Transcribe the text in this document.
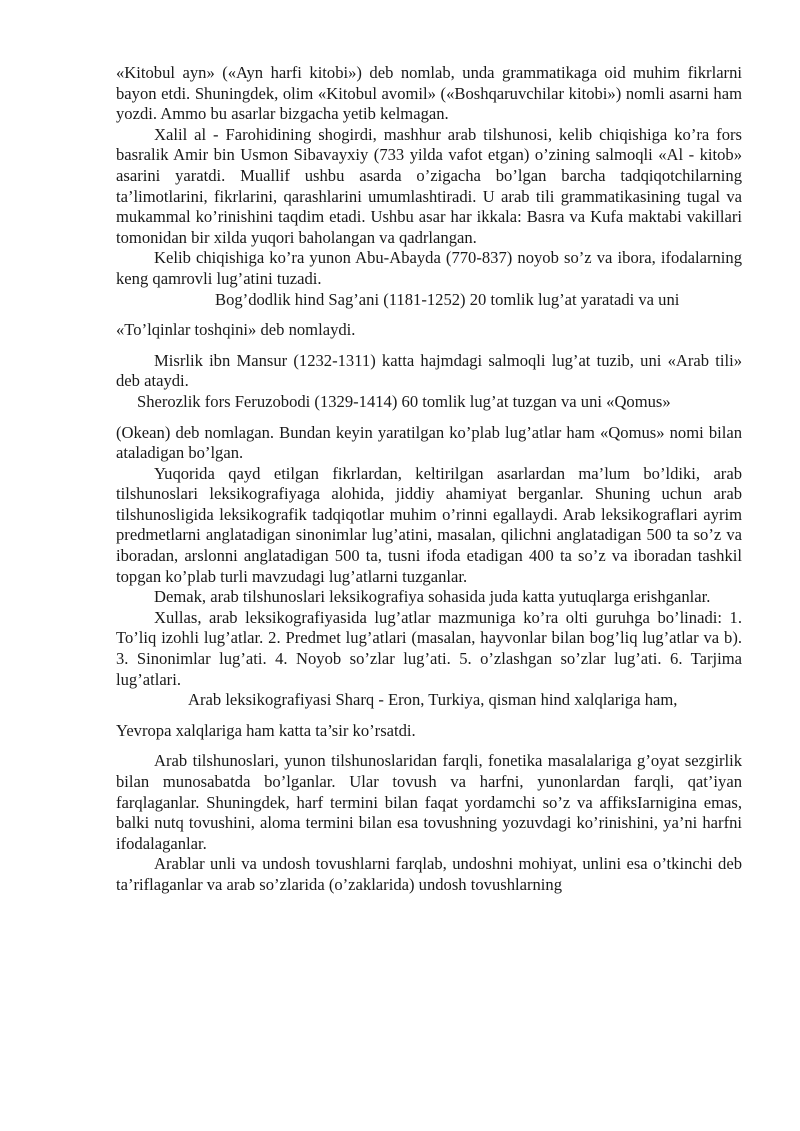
«Kitobul ayn» («Ayn harfi kitobi») deb nomlab, unda grammatikaga oid muhim fikrlarni bayon etdi. Shuningdek, olim «Kitobul avomil» («Boshqaruvchilar kitobi») nomli asarni ham yozdi. Ammo bu asarlar bizgacha yetib kelmagan.

Xalil al - Farohidining shogirdi, mashhur arab tilshunosi, kelib chiqishiga ko’ra fors basralik Amir bin Usmon Sibavayxiy (733 yilda vafot etgan) o’zining salmoqli «Al - kitob» asarini yaratdi. Muallif ushbu asarda o’zigacha bo’lgan barcha tadqiqotchilarning ta’limotlarini, fikrlarini, qarashlarini umumlashtiradi. U arab tili grammatikasining tugal va mukammal ko’rinishini taqdim etadi. Ushbu asar har ikkala: Basra va Kufa maktabi vakillari tomonidan bir xilda yuqori baholangan va qadrlangan.

Kelib chiqishiga ko’ra yunon Abu-Abayda (770-837) noyob so’z va ibora, ifodalarning keng qamrovli lug’atini tuzadi.

Bog’dodlik hind Sag’ani (1181-1252) 20 tomlik lug’at yaratadi va uni

«To’lqinlar toshqini» deb nomlaydi.

Misrlik ibn Mansur (1232-1311) katta hajmdagi salmoqli lug’at tuzib, uni «Arab tili» deb ataydi.

Sherozlik fors Feruzobodi (1329-1414) 60 tomlik lug’at tuzgan va uni «Qomus»

(Okean) deb nomlagan. Bundan keyin yaratilgan ko’plab lug’atlar ham «Qomus» nomi bilan ataladigan bo’lgan.

Yuqorida qayd etilgan fikrlardan, keltirilgan asarlardan ma’lum bo’ldiki, arab tilshunoslari leksikografiyaga alohida, jiddiy ahamiyat berganlar. Shuning uchun arab tilshunosligida leksikografik tadqiqotlar muhim o’rinni egallaydi. Arab leksikograflari ayrim predmetlarni anglatadigan sinonimlar lug’atini, masalan, qilichni anglatadigan 500 ta so’z va iboradan, arslonni anglatadigan 500 ta, tusni ifoda etadigan 400 ta so’z va iboradan tashkil topgan ko’plab turli mavzudagi lug’atlarni tuzganlar.

Demak, arab tilshunoslari leksikografiya sohasida juda katta yutuqlarga erishganlar.

Xullas, arab leksikografiyasida lug’atlar mazmuniga ko’ra olti guruhga bo’linadi: 1. To’liq izohli lug’atlar. 2. Predmet lug’atlari (masalan, hayvonlar bilan bog’liq lug’atlar va b). 3. Sinonimlar lug’ati. 4. Noyob so’zlar lug’ati. 5. o’zlashgan so’zlar lug’ati. 6. Tarjima lug’atlari.

Arab leksikografiyasi Sharq - Eron, Turkiya, qisman hind xalqlariga ham,

Yevropa xalqlariga ham katta ta’sir ko’rsatdi.

Arab tilshunoslari, yunon tilshunoslaridan farqli, fonetika masalalariga g’oyat sezgirlik bilan munosabatda bo’lganlar. Ular tovush va harfni, yunonlardan farqli, qat’iyan farqlaganlar. Shuningdek, harf termini bilan faqat yordamchi so’z va affiksIarnigina emas, balki nutq tovushini, aloma termini bilan esa tovushning yozuvdagi ko’rinishini, ya’ni harfni ifodalaganlar.

Arablar unli va undosh tovushlarni farqlab, undoshni mohiyat, unlini esa o’tkinchi deb ta’riflaganlar va arab so’zlarida (o’zaklarida) undosh tovushlarning
